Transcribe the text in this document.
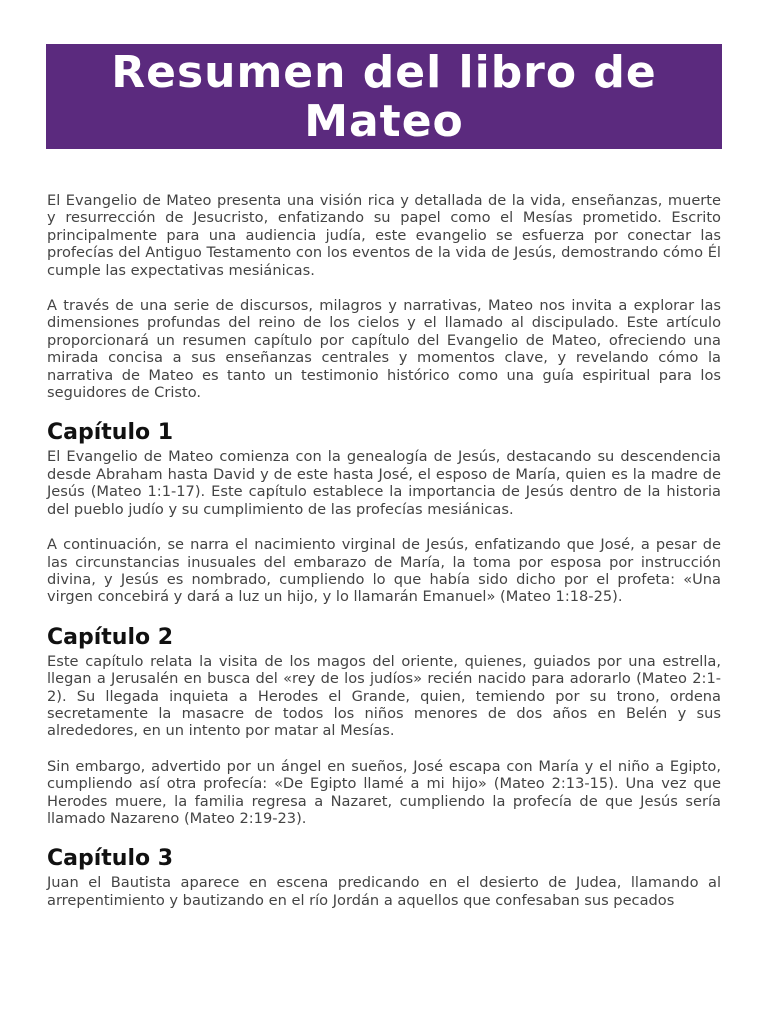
Resumen del libro de Mateo

El Evangelio de Mateo presenta una visión rica y detallada de la vida, enseñanzas, muerte y resurrección de Jesucristo, enfatizando su papel como el Mesías prometido. Escrito principalmente para una audiencia judía, este evangelio se esfuerza por conectar las profecías del Antiguo Testamento con los eventos de la vida de Jesús, demostrando cómo Él cumple las expectativas mesiánicas.

A través de una serie de discursos, milagros y narrativas, Mateo nos invita a explorar las dimensiones profundas del reino de los cielos y el llamado al discipulado. Este artículo proporcionará un resumen capítulo por capítulo del Evangelio de Mateo, ofreciendo una mirada concisa a sus enseñanzas centrales y momentos clave, y revelando cómo la narrativa de Mateo es tanto un testimonio histórico como una guía espiritual para los seguidores de Cristo.

Capítulo 1

El Evangelio de Mateo comienza con la genealogía de Jesús, destacando su descendencia desde Abraham hasta David y de este hasta José, el esposo de María, quien es la madre de Jesús (Mateo 1:1-17). Este capítulo establece la importancia de Jesús dentro de la historia del pueblo judío y su cumplimiento de las profecías mesiánicas.

A continuación, se narra el nacimiento virginal de Jesús, enfatizando que José, a pesar de las circunstancias inusuales del embarazo de María, la toma por esposa por instrucción divina, y Jesús es nombrado, cumpliendo lo que había sido dicho por el profeta: «Una virgen concebirá y dará a luz un hijo, y lo llamarán Emanuel» (Mateo 1:18-25).

Capítulo 2

Este capítulo relata la visita de los magos del oriente, quienes, guiados por una estrella, llegan a Jerusalén en busca del «rey de los judíos» recién nacido para adorarlo (Mateo 2:1-2). Su llegada inquieta a Herodes el Grande, quien, temiendo por su trono, ordena secretamente la masacre de todos los niños menores de dos años en Belén y sus alrededores, en un intento por matar al Mesías.

Sin embargo, advertido por un ángel en sueños, José escapa con María y el niño a Egipto, cumpliendo así otra profecía: «De Egipto llamé a mi hijo» (Mateo 2:13-15). Una vez que Herodes muere, la familia regresa a Nazaret, cumpliendo la profecía de que Jesús sería llamado Nazareno (Mateo 2:19-23).

Capítulo 3

Juan el Bautista aparece en escena predicando en el desierto de Judea, llamando al arrepentimiento y bautizando en el río Jordán a aquellos que confesaban sus pecados
